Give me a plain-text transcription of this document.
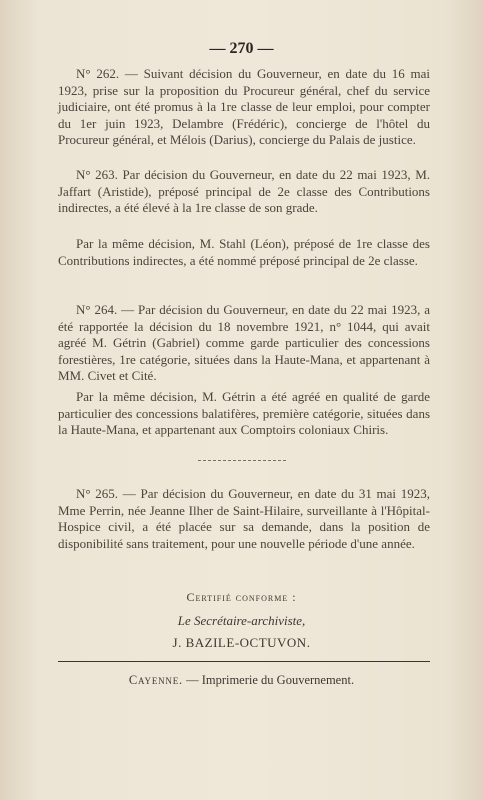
— 270 —

N° 262. — Suivant décision du Gouverneur, en date du 16 mai 1923, prise sur la proposition du Procureur général, chef du service judiciaire, ont été promus à la 1re classe de leur emploi, pour compter du 1er juin 1923, Delambre (Frédéric), concierge de l'hôtel du Procureur général, et Mélois (Darius), concierge du Palais de justice.

N° 263. Par décision du Gouverneur, en date du 22 mai 1923, M. Jaffart (Aristide), préposé principal de 2e classe des Contributions indirectes, a été élevé à la 1re classe de son grade.

Par la même décision, M. Stahl (Léon), préposé de 1re classe des Contributions indirectes, a été nommé préposé principal de 2e classe.

N° 264. — Par décision du Gouverneur, en date du 22 mai 1923, a été rapportée la décision du 18 novembre 1921, n° 1044, qui avait agréé M. Gétrin (Gabriel) comme garde particulier des concessions forestières, 1re catégorie, situées dans la Haute-Mana, et appartenant à MM. Civet et Cité.

Par la même décision, M. Gétrin a été agréé en qualité de garde particulier des concessions balatifères, première catégorie, situées dans la Haute-Mana, et appartenant aux Comptoirs coloniaux Chiris.

N° 265. — Par décision du Gouverneur, en date du 31 mai 1923, Mme Perrin, née Jeanne Ilher de Saint-Hilaire, surveillante à l'Hôpital-Hospice civil, a été placée sur sa demande, dans la position de disponibilité sans traitement, pour une nouvelle période d'une année.

Certifié conforme :
Le Secrétaire-archiviste,
J. BAZILE-OCTUVON.
Cayenne. — Imprimerie du Gouvernement.
